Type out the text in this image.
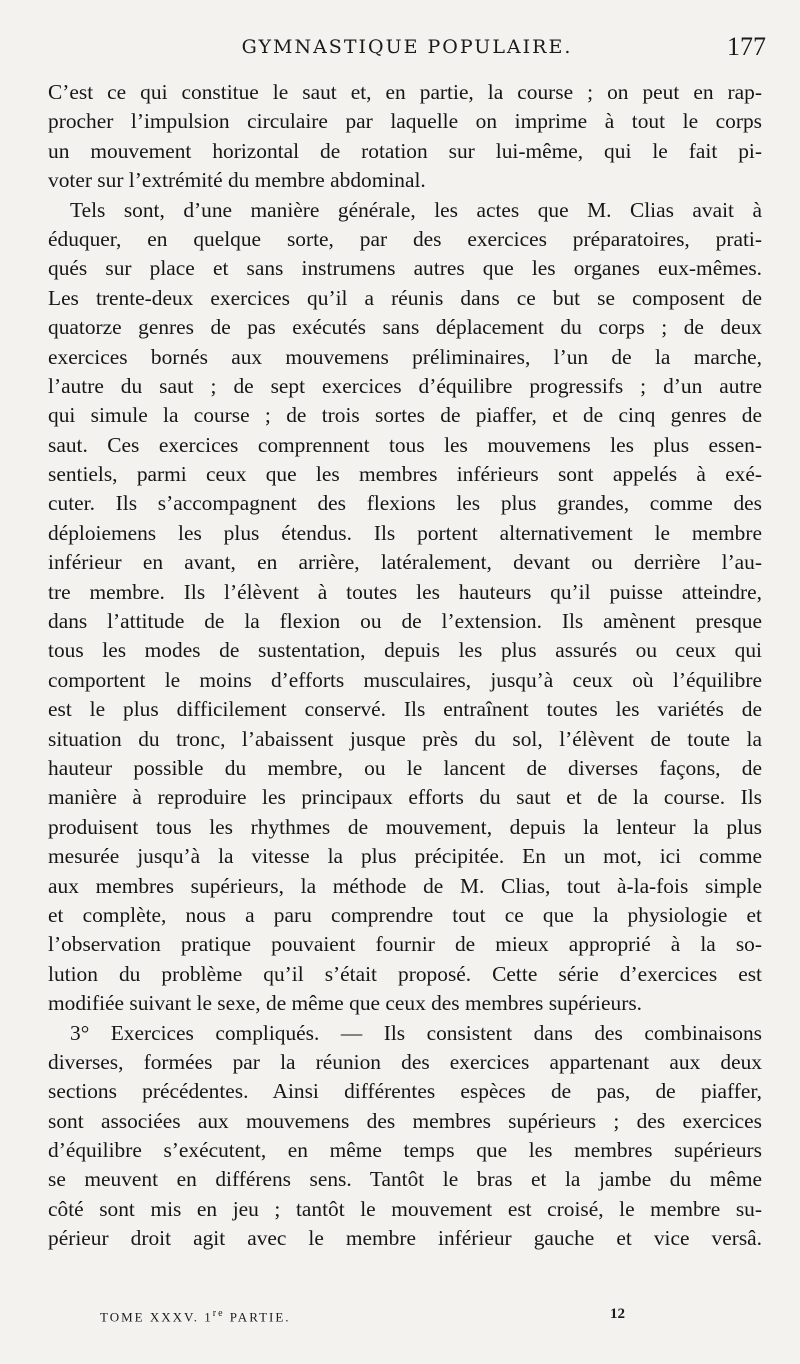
GYMNASTIQUE POPULAIRE.	177
C’est ce qui constitue le saut et, en partie, la course ; on peut en rap-
procher l’impulsion circulaire par laquelle on imprime à tout le corps
un mouvement horizontal de rotation sur lui-même, qui le fait pi-
voter sur l’extrémité du membre abdominal.
Tels sont, d’une manière générale, les actes que M. Clias avait à
éduquer, en quelque sorte, par des exercices préparatoires, prati-
qués sur place et sans instrumens autres que les organes eux-mêmes.
Les trente-deux exercices qu’il a réunis dans ce but se composent de
quatorze genres de pas exécutés sans déplacement du corps ; de deux
exercices bornés aux mouvemens préliminaires, l’un de la marche,
l’autre du saut ; de sept exercices d’équilibre progressifs ; d’un autre
qui simule la course ; de trois sortes de piaffer, et de cinq genres de
saut. Ces exercices comprennent tous les mouvemens les plus essen-
sentiels, parmi ceux que les membres inférieurs sont appelés à exé-
cuter. Ils s’accompagnent des flexions les plus grandes, comme des
déploiemens les plus étendus. Ils portent alternativement le membre
inférieur en avant, en arrière, latéralement, devant ou derrière l’au-
tre membre. Ils l’élèvent à toutes les hauteurs qu’il puisse atteindre,
dans l’attitude de la flexion ou de l’extension. Ils amènent presque
tous les modes de sustentation, depuis les plus assurés ou ceux qui
comportent le moins d’efforts musculaires, jusqu’à ceux où l’équilibre
est le plus difficilement conservé. Ils entraînent toutes les variétés de
situation du tronc, l’abaissent jusque près du sol, l’élèvent de toute la
hauteur possible du membre, ou le lancent de diverses façons, de
manière à reproduire les principaux efforts du saut et de la course. Ils
produisent tous les rhythmes de mouvement, depuis la lenteur la plus
mesurée jusqu’à la vitesse la plus précipitée. En un mot, ici comme
aux membres supérieurs, la méthode de M. Clias, tout à-la-fois simple
et complète, nous a paru comprendre tout ce que la physiologie et
l’observation pratique pouvaient fournir de mieux approprié à la so-
lution du problème qu’il s’était proposé. Cette série d’exercices est
modifiée suivant le sexe, de même que ceux des membres supérieurs.
3° Exercices compliqués. — Ils consistent dans des combinaisons
diverses, formées par la réunion des exercices appartenant aux deux
sections précédentes. Ainsi différentes espèces de pas, de piaffer,
sont associées aux mouvemens des membres supérieurs ; des exercices
d’équilibre s’exécutent, en même temps que les membres supérieurs
se meuvent en différens sens. Tantôt le bras et la jambe du même
côté sont mis en jeu ; tantôt le mouvement est croisé, le membre su-
périeur droit agit avec le membre inférieur gauche et vice versâ.
TOME XXXV. 1re PARTIE.	12
